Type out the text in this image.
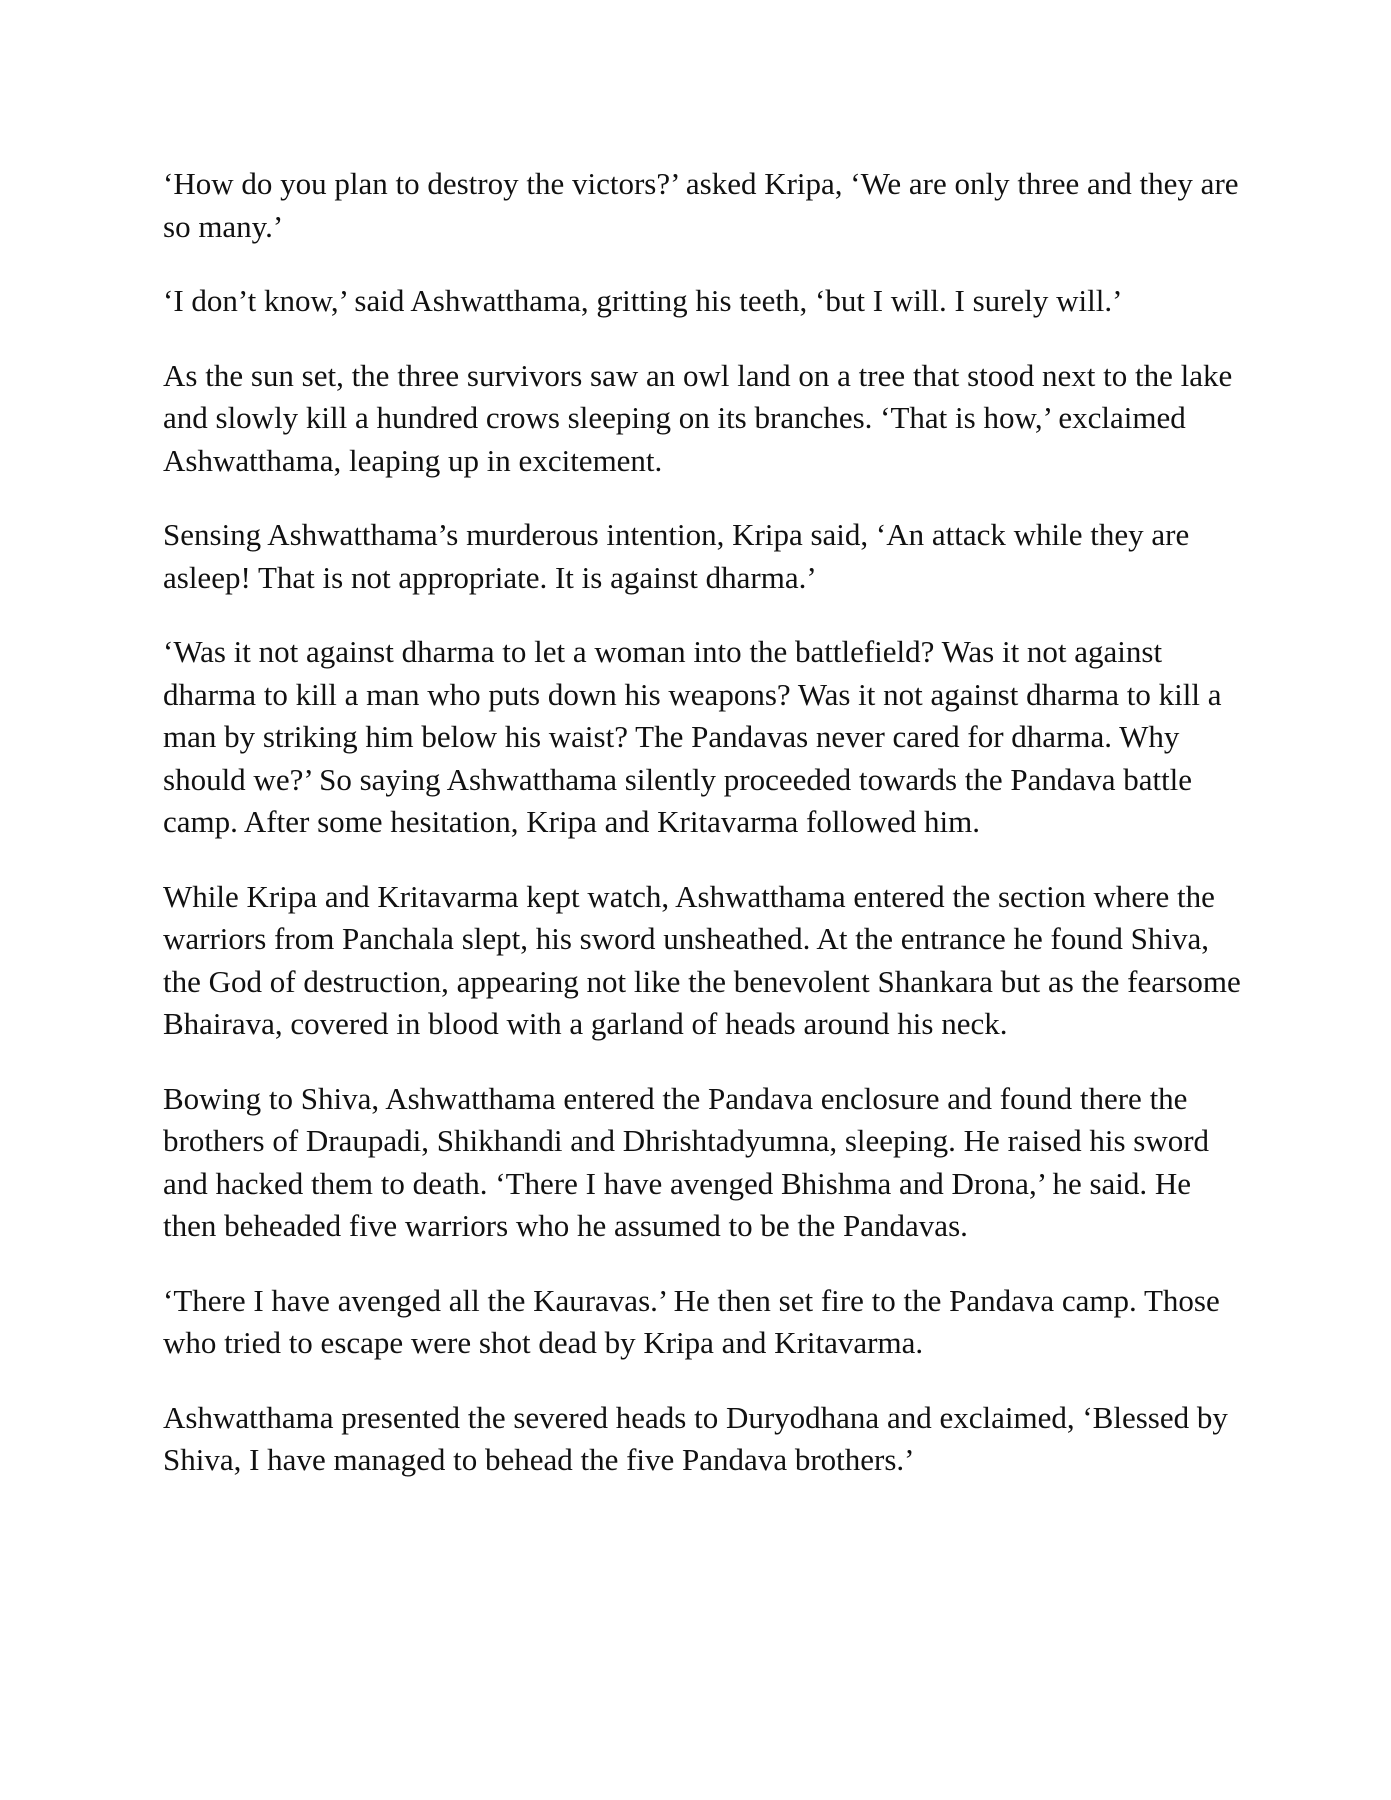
‘How do you plan to destroy the victors?’ asked Kripa, ‘We are only three and they are so many.’

‘I don’t know,’ said Ashwatthama, gritting his teeth, ‘but I will. I surely will.’

As the sun set, the three survivors saw an owl land on a tree that stood next to the lake and slowly kill a hundred crows sleeping on its branches. ‘That is how,’ exclaimed Ashwatthama, leaping up in excitement.

Sensing Ashwatthama’s murderous intention, Kripa said, ‘An attack while they are asleep! That is not appropriate. It is against dharma.’

‘Was it not against dharma to let a woman into the battlefield? Was it not against dharma to kill a man who puts down his weapons? Was it not against dharma to kill a man by striking him below his waist? The Pandavas never cared for dharma. Why should we?’ So saying Ashwatthama silently proceeded towards the Pandava battle camp. After some hesitation, Kripa and Kritavarma followed him.

While Kripa and Kritavarma kept watch, Ashwatthama entered the section where the warriors from Panchala slept, his sword unsheathed. At the entrance he found Shiva, the God of destruction, appearing not like the benevolent Shankara but as the fearsome Bhairava, covered in blood with a garland of heads around his neck.

Bowing to Shiva, Ashwatthama entered the Pandava enclosure and found there the brothers of Draupadi, Shikhandi and Dhrishtadyumna, sleeping. He raised his sword and hacked them to death. ‘There I have avenged Bhishma and Drona,’ he said. He then beheaded five warriors who he assumed to be the Pandavas.

‘There I have avenged all the Kauravas.’ He then set fire to the Pandava camp. Those who tried to escape were shot dead by Kripa and Kritavarma.

Ashwatthama presented the severed heads to Duryodhana and exclaimed, ‘Blessed by Shiva, I have managed to behead the five Pandava brothers.’
